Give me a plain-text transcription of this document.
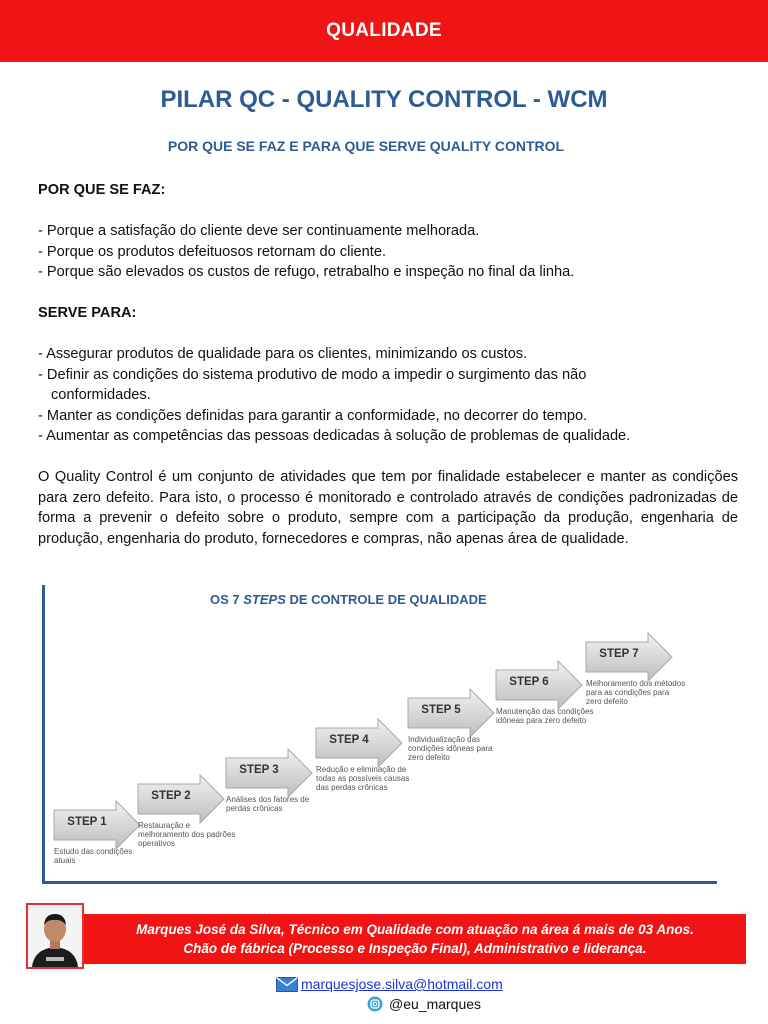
QUALIDADE
PILAR QC - QUALITY CONTROL - WCM
POR QUE SE FAZ E PARA QUE SERVE QUALITY CONTROL

POR QUE SE FAZ:

- Porque a satisfação do cliente deve ser continuamente melhorada.

- Porque os produtos defeituosos retornam do cliente.

- Porque são elevados os custos de refugo, retrabalho e inspeção no final da linha.

SERVE PARA:

- Assegurar produtos de qualidade para os clientes, minimizando os custos.

- Definir as condições do sistema produtivo de modo a impedir o surgimento das não

conformidades.

- Manter as condições definidas para garantir a conformidade, no decorrer do tempo.

- Aumentar as competências das pessoas dedicadas à solução de problemas de qualidade.

O Quality Control é um conjunto de atividades que tem por finalidade estabelecer e manter as condições para zero defeito. Para isto, o processo é monitorado e controlado através de condições padronizadas de forma a prevenir o defeito sobre o produto, sempre com a participação da produção, engenharia de produção, engenharia do produto, fornecedores e compras, não apenas área de qualidade.

OS 7 STEPS DE CONTROLE DE QUALIDADE
STEP 1
Estudo das condições atuais
STEP 2
Restauração e melhoramento dos padrões operativos
STEP 3
Análises dos fatores de perdas crônicas
STEP 4
Redução e eliminação de todas as possíveis causas das perdas crônicas
STEP 5
Individualização das condições idôneas para zero defeito
STEP 6
Manutenção das condições idôneas para zero defeito
STEP 7
Melhoramento dos métodos para as condições para zero defeito
Marques José da Silva, Técnico em Qualidade com atuação na área á mais de 03 Anos.
Chão de fábrica (Processo e Inspeção Final), Administrativo e liderança.
marquesjose.silva@hotmail.com
@eu_marques
